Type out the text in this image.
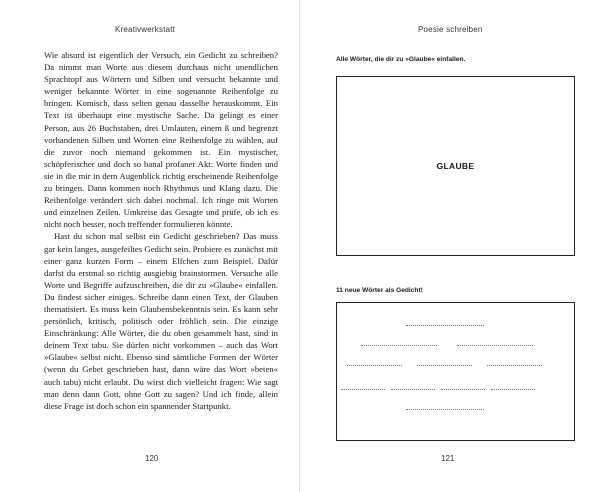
Kreativwerkstatt

Wie absurd ist eigentlich der Versuch, ein Gedicht zu schreiben? Da nimmt man Worte aus diesem durchaus nicht unendlichen Sprachtopf aus Wörtern und Silben und versucht bekannte und weniger bekannte Wörter in eine sogenannte Reihenfolge zu bringen. Komisch, dass selten genau dasselbe herauskommt. Ein Text ist überhaupt eine mystische Sache. Da gelingt es einer Person, aus 26 Buchstaben, drei Umlauten, einem ß und begrenzt vorhandenen Silben und Worten eine Reihenfolge zu wählen, auf die zuvor noch niemand gekommen ist. Ein mystischer, schöpferischer und doch so banal profaner Akt: Worte finden und sie in die mir in dem Augenblick richtig erscheinende Reihenfolge zu bringen. Dann kommen noch Rhythmus und Klang dazu. Die Reihenfolge verändert sich dabei nochmal. Ich ringe mit Worten und einzelnen Zeilen. Umkreise das Gesagte und prüfe, ob ich es nicht noch besser, noch treffender formulieren könnte.

Hast du schon mal selbst ein Gedicht geschrieben? Das muss gar kein langes, ausgefeiltes Gedicht sein. Probiere es zunächst mit einer ganz kurzen Form – einem Elfchen zum Beispiel. Dafür darfst du erstmal so richtig ausgiebig brainstormen. Versuche alle Worte und Begriffe aufzuschreiben, die dir zu »Glaube« einfallen. Du findest sicher einiges. Schreibe dann einen Text, der Glauben thematisiert. Es muss kein Glaubensbekenntnis sein. Es kann sehr persönlich, kritisch, politisch oder fröhlich sein. Die einzige Einschränkung: Alle Wörter, die du oben gesammelt hast, sind in deinem Text tabu. Sie dürfen nicht vorkommen – auch das Wort »Glaube« selbst nicht. Ebenso sind sämtliche Formen der Wörter (wenn du Gebet geschrieben hast, dann wäre das Wort »beten« auch tabu) nicht erlaubt. Du wirst dich vielleicht fragen: Wie sagt man denn dann Gott, ohne Gott zu sagen? Und ich finde, allein diese Frage ist doch schon ein spannender Startpunkt.

120
Poesie schreiben
Alle Wörter, die dir zu »Glaube« einfallen.
GLAUBE
11 neue Wörter als Gedicht!
121
